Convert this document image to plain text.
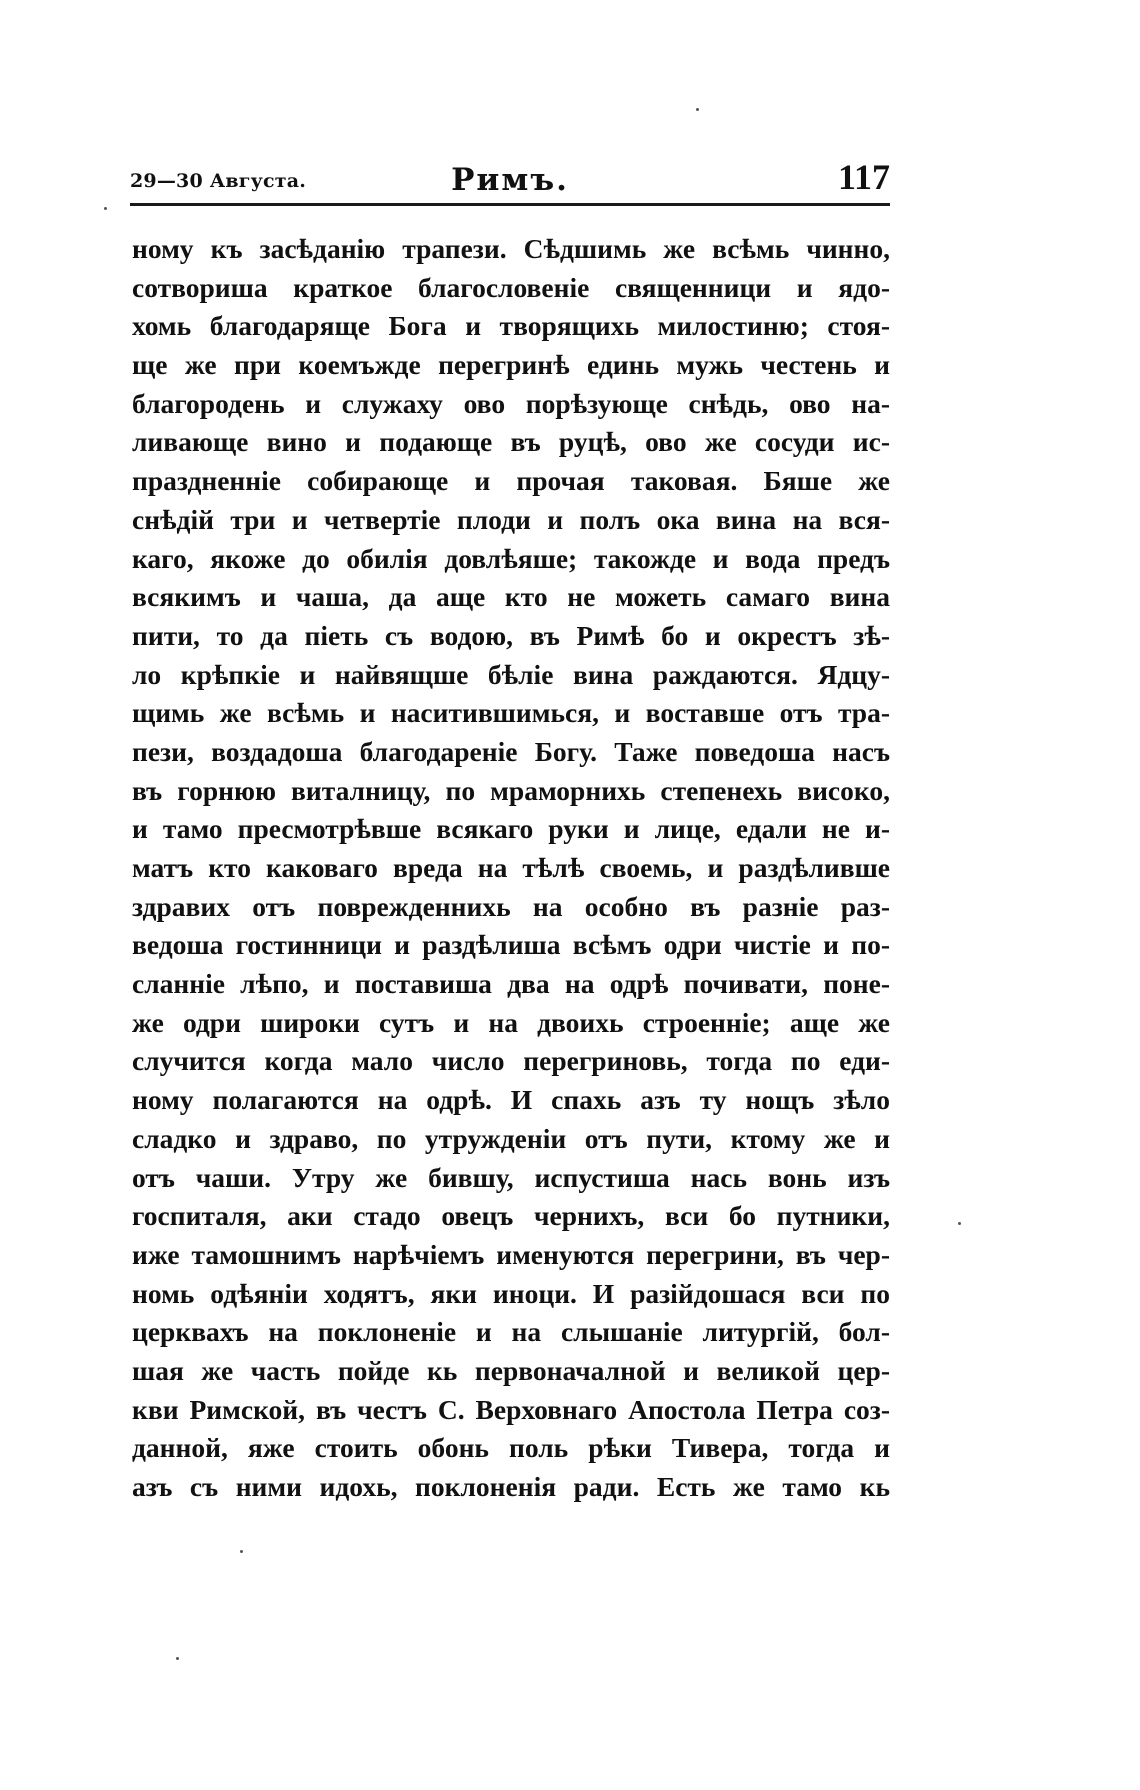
29—30 Августа.	Римъ.	117
ному къ засѣданію трапези. Сѣдшимь же всѣмь чинно,
сотвориша краткое благословеніе священници и ядо-
хомь благодаряще Бога и творящихь милостиню; стоя-
ще же при коемъжде перегринѣ единь мужь честень и
благородень и служаху ово порѣзующе снѣдь, ово на-
ливающе вино и подающе въ руцѣ, ово же сосуди ис-
праздненніе собирающе и прочая таковая. Бяше же
снѣдій три и четвертіе плоди и полъ ока вина на вся-
каго, якоже до обилія довлѣяше; такожде и вода предъ
всякимъ и чаша, да аще кто не можеть самаго вина
пити, то да піеть съ водою, въ Римѣ бо и окрестъ зѣ-
ло крѣпкіе и найвящше бѣліе вина раждаются. Ядцу-
щимь же всѣмь и наситившимься, и воставше отъ тра-
пези, воздадоша благодареніе Богу. Таже поведоша насъ
въ горнюю виталницу, по мраморнихь степенехь високо,
и тамо пресмотрѣвше всякаго руки и лице, едали не и-
матъ кто каковаго вреда на тѣлѣ своемь, и раздѣливше
здравих отъ поврежденнихь на особно въ разніе раз-
ведоша гостинници и раздѣлиша всѣмъ одри чистіе и по-
сланніе лѣпо, и поставиша два на одрѣ почивати, поне-
же одри широки сутъ и на двоихь строенніе; аще же
случится когда мало число перегриновь, тогда по еди-
ному полагаются на одрѣ. И спахь азъ ту нощъ зѣло
сладко и здраво, по утружденіи отъ пути, ктому же и
отъ чаши. Утру же бившу, испустиша нась вонь изъ
госпиталя, аки стадо овецъ чернихъ, вси бо путники,
иже тамошнимъ нарѣчіемъ именуются перегрини, въ чер-
номь одѣяніи ходятъ, яки иноци. И разійдошася вси по
церквахъ на поклоненіе и на слышаніе литургій, бол-
шая же часть пойде кь первоначалной и великой цер-
кви Римской, въ честъ С. Верховнаго Апостола Петра соз-
данной, яже стоить обонь поль рѣки Тивера, тогда и
азъ съ ними идохь, поклоненія ради. Есть же тамо кь
